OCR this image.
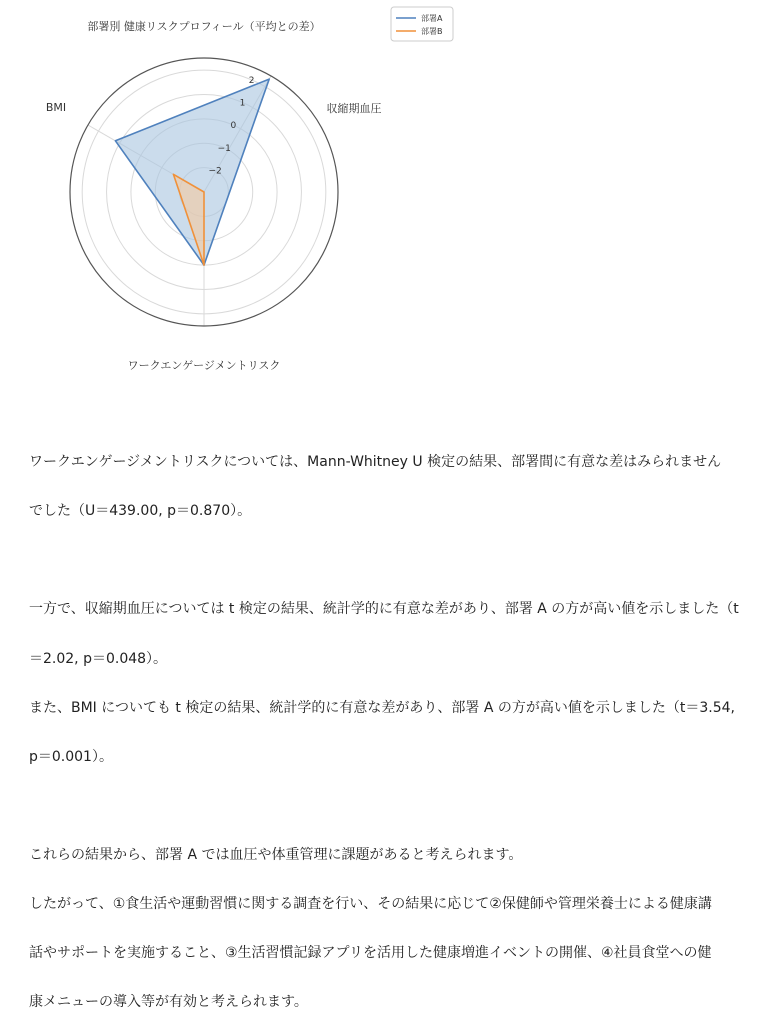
部署別 健康リスクプロフィール（平均との差）
−2
−1
0
1
2
収縮期血圧
ワークエンゲージメントリスク
BMI
部署A
部署B
ワークエンゲージメントリスクについては、Mann-Whitney U 検定の結果、部署間に有意な差はみられません
でした（U＝439.00, p＝0.870）。
一方で、収縮期血圧については t 検定の結果、統計学的に有意な差があり、部署 A の方が高い値を示しました（t
＝2.02, p＝0.048）。
また、BMI についても t 検定の結果、統計学的に有意な差があり、部署 A の方が高い値を示しました（t＝3.54,
p＝0.001）。
これらの結果から、部署 A では血圧や体重管理に課題があると考えられます。
したがって、①食生活や運動習慣に関する調査を行い、その結果に応じて②保健師や管理栄養士による健康講
話やサポートを実施すること、③生活習慣記録アプリを活用した健康増進イベントの開催、④社員食堂への健
康メニューの導入等が有効と考えられます。
